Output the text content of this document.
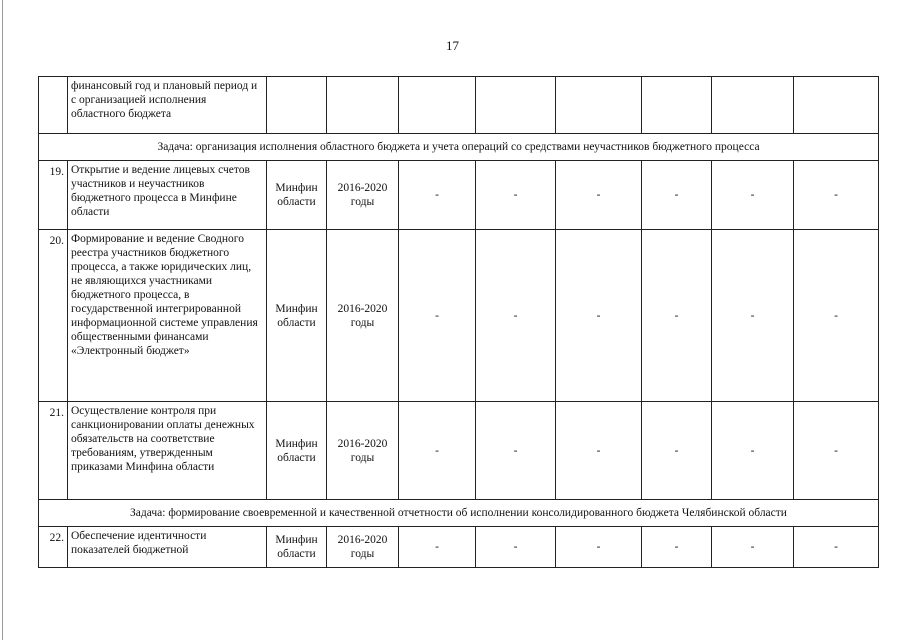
17
	финансовый год и плановый период и с организацией исполнения областного бюджета								
Задача: организация исполнения областного бюджета и учета операций со средствами неучастников бюджетного процесса									
19.	Открытие и ведение лицевых счетов участников и неучастников бюджетного процесса в Минфине области	Минфин области	2016-2020 годы	-	-	-	-	-	-
20.	Формирование и ведение Сводного реестра участников бюджетного процесса, а также юридических лиц, не являющихся участниками бюджетного процесса, в государственной интегрированной информационной системе управления общественными финансами «Электронный бюджет»	Минфин области	2016-2020 годы	-	-	-	-	-	-
21.	Осуществление контроля при санкционировании оплаты денежных обязательств на соответствие требованиям, утвержденным приказами Минфина области	Минфин области	2016-2020 годы	-	-	-	-	-	-
Задача: формирование своевременной и качественной отчетности об исполнении консолидированного бюджета Челябинской области									
22.	Обеспечение идентичности показателей бюджетной	Минфин области	2016-2020 годы	-	-	-	-	-	-
